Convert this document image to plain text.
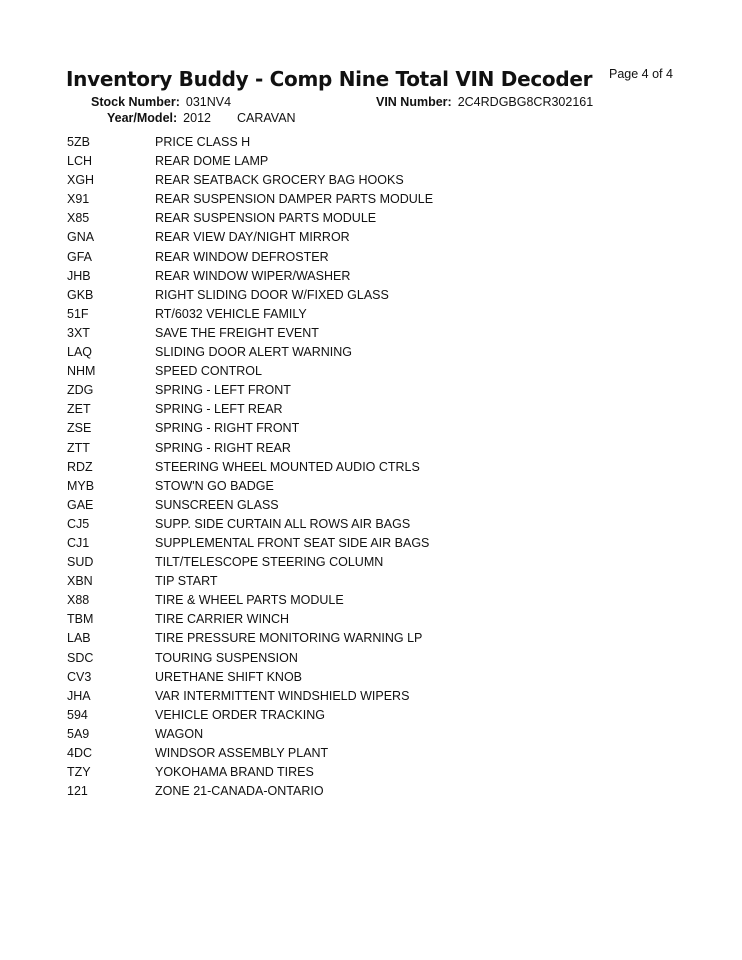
Inventory Buddy - Comp Nine Total VIN Decoder Page 4 of 4
Stock Number: 031NV4	VIN Number: 2C4RDGBG8CR302161
Year/Model: 2012 CARAVAN
5ZB	PRICE CLASS H
LCH	REAR DOME LAMP
XGH	REAR SEATBACK GROCERY BAG HOOKS
X91	REAR SUSPENSION DAMPER PARTS MODULE
X85	REAR SUSPENSION PARTS MODULE
GNA	REAR VIEW DAY/NIGHT MIRROR
GFA	REAR WINDOW DEFROSTER
JHB	REAR WINDOW WIPER/WASHER
GKB	RIGHT SLIDING DOOR W/FIXED GLASS
51F	RT/6032 VEHICLE FAMILY
3XT	SAVE THE FREIGHT EVENT
LAQ	SLIDING DOOR ALERT WARNING
NHM	SPEED CONTROL
ZDG	SPRING - LEFT FRONT
ZET	SPRING - LEFT REAR
ZSE	SPRING - RIGHT FRONT
ZTT	SPRING - RIGHT REAR
RDZ	STEERING WHEEL MOUNTED AUDIO CTRLS
MYB	STOW'N GO BADGE
GAE	SUNSCREEN GLASS
CJ5	SUPP. SIDE CURTAIN ALL ROWS AIR BAGS
CJ1	SUPPLEMENTAL FRONT SEAT SIDE AIR BAGS
SUD	TILT/TELESCOPE STEERING COLUMN
XBN	TIP START
X88	TIRE & WHEEL PARTS MODULE
TBM	TIRE CARRIER WINCH
LAB	TIRE PRESSURE MONITORING WARNING LP
SDC	TOURING SUSPENSION
CV3	URETHANE SHIFT KNOB
JHA	VAR INTERMITTENT WINDSHIELD WIPERS
594	VEHICLE ORDER TRACKING
5A9	WAGON
4DC	WINDSOR ASSEMBLY PLANT
TZY	YOKOHAMA BRAND TIRES
121	ZONE 21-CANADA-ONTARIO
